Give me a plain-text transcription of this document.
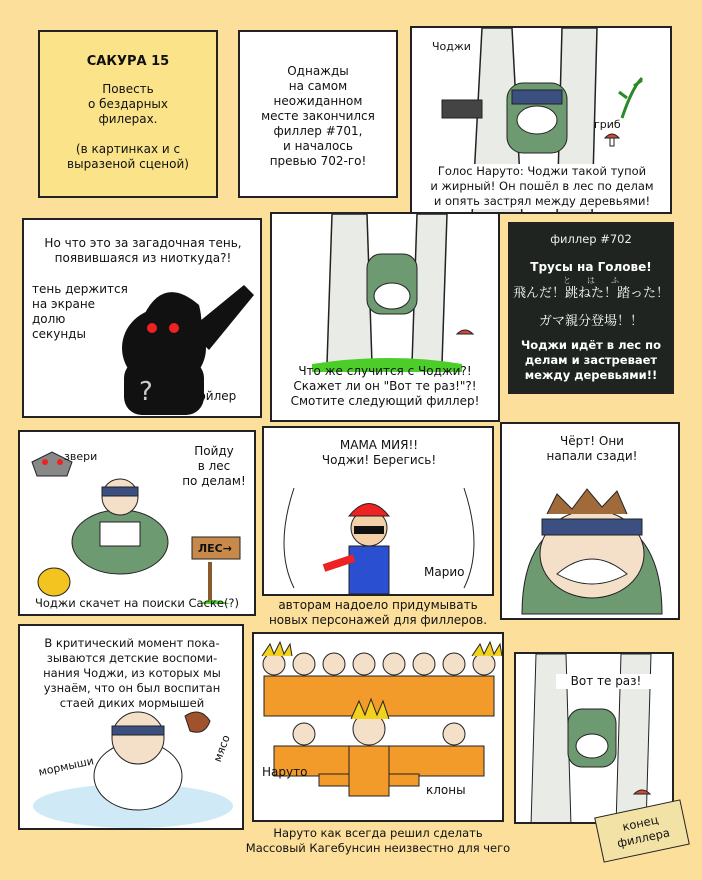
САКУРА 15
Повесть
о бездарных
филерах.

(в картинках и с
выразеной сценой)
Однажды
на самом
неожиданном
месте закончился
филлер #701,
и началось
превью 702-го!
Чоджи
гриб
Голос Наруто: Чоджи такой тупой
и жирный! Он пошёл в лес по делам
и опять застрял между деревьями!
?
Но что это за загадочная тень,
появившаяся из ниоткуда?!
тень держится
на экране
долю
секунды
спойлер
Что же случится с Чоджи?!
Скажет ли он "Вот те раз!"?!
Смотите следующий филлер!
филлер #702
Трусы на Голове!
と　　は　　ふ
飛んだ！跳ねた！踏った！
ガマ親分登場！！
Чоджи идёт в лес по
делам и застревает
между деревьями!!
звери	Пойду
в лес
по делам!
ЛЕС→
Чоджи скачет на поиски Саске(?)
МАМА МИЯ!!
Чоджи! Берегись!
Марио
авторам надоело придумывать
новых персонажей для филлеров.
Чёрт! Они
напали сзади!
В критический момент пока-
зываются детские воспоми-
нания Чоджи, из которых мы
узнаём, что он был воспитан
стаей диких мормышей
мормыши
мясо
Наруто
клоны
Наруто как всегда решил сделать
Массовый Кагебунсин неизвестно для чего
Вот те раз!
конец
филлера
